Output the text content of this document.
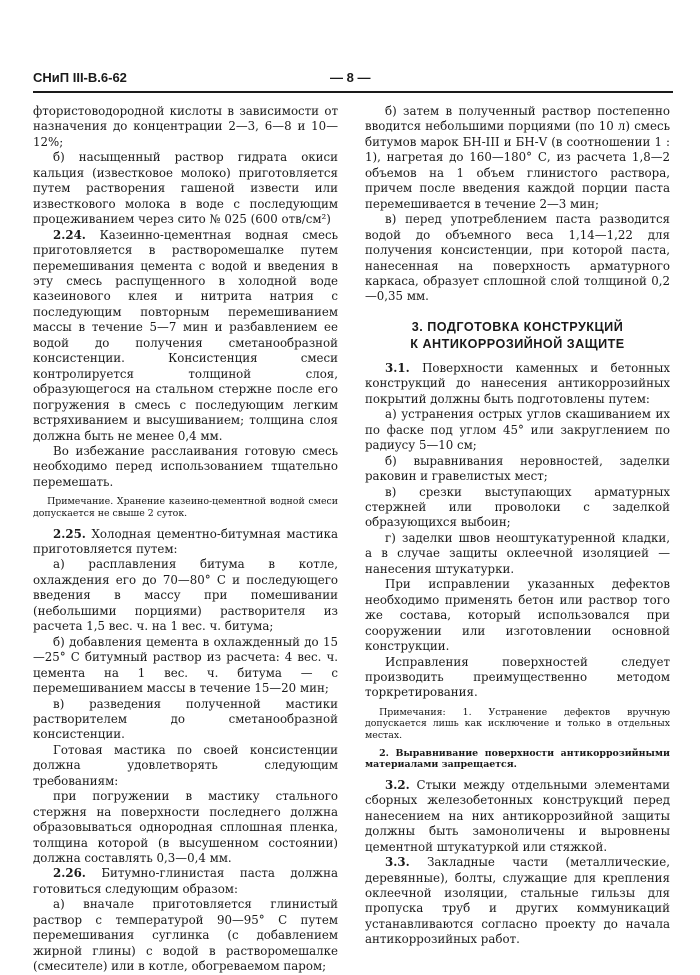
СНиП III-В.6-62	— 8 —

фтористоводородной кислоты в зависимости от назначения до концентрации 2—3, 6—8 и 10—12%;

б) насыщенный раствор гидрата окиси кальция (известковое молоко) приготовляется путем растворения гашеной извести или известкового молока в воде с последующим процеживанием через сито № 025 (600 отв/см²)

2.24. Казеинно-цементная водная смесь приготовляется в растворомешалке путем перемешивания цемента с водой и введения в эту смесь распущенного в холодной воде казеинового клея и нитрита натрия с последующим повторным перемешиванием массы в течение 5—7 мин и разбавлением ее водой до получения сметанообразной консистенции. Консистенция смеси контролируется толщиной слоя, образующегося на стальном стержне после его погружения в смесь с последующим легким встряхиванием и высушиванием; толщина слоя должна быть не менее 0,4 мм.

Во избежание расслаивания готовую смесь необходимо перед использованием тщательно перемешать.

Примечание. Хранение казеино-цементной водной смеси допускается не свыше 2 суток.

2.25. Холодная цементно-битумная мастика приготовляется путем:

а) расплавления битума в котле, охлаждения его до 70—80° С и последующего введения в массу при помешивании (небольшими порциями) растворителя из расчета 1,5 вес. ч. на 1 вес. ч. битума;

б) добавления цемента в охлажденный до 15—25° С битумный раствор из расчета: 4 вес. ч. цемента на 1 вес. ч. битума — с перемешиванием массы в течение 15—20 мин;

в) разведения полученной мастики растворителем до сметанообразной консистенции.

Готовая мастика по своей консистенции должна удовлетворять следующим требованиям:

при погружении в мастику стального стержня на поверхности последнего должна образовываться однородная сплошная пленка, толщина которой (в высушенном состоянии) должна составлять 0,3—0,4 мм.

2.26. Битумно-глинистая паста должна готовиться следующим образом:

а) вначале приготовляется глинистый раствор с температурой 90—95° С путем перемешивания суглинка (с добавлением жирной глины) с водой в растворомешалке (смесителе) или в котле, обогреваемом паром;

б) затем в полученный раствор постепенно вводится небольшими порциями (по 10 л) смесь битумов марок БН-III и БН-V (в соотношении 1 : 1), нагретая до 160—180° С, из расчета 1,8—2 объемов на 1 объем глинистого раствора, причем после введения каждой порции паста перемешивается в течение 2—3 мин;

в) перед употреблением паста разводится водой до объемного веса 1,14—1,22 для получения консистенции, при которой паста, нанесенная на поверхность арматурного каркаса, образует сплошной слой толщиной 0,2—0,35 мм.

3. ПОДГОТОВКА КОНСТРУКЦИЙ
К АНТИКОРРОЗИЙНОЙ ЗАЩИТЕ

3.1. Поверхности каменных и бетонных конструкций до нанесения антикоррозийных покрытий должны быть подготовлены путем:

а) устранения острых углов скашиванием их по фаске под углом 45° или закруглением по радиусу 5—10 см;

б) выравнивания неровностей, заделки раковин и гравелистых мест;

в) срезки выступающих арматурных стержней или проволоки с заделкой образующихся выбоин;

г) заделки швов неоштукатуренной кладки, а в случае защиты оклеечной изоляцией — нанесения штукатурки.

При исправлении указанных дефектов необходимо применять бетон или раствор того же состава, который использовался при сооружении или изготовлении основной конструкции.

Исправления поверхностей следует производить преимущественно методом торкретирования.

Примечания: 1. Устранение дефектов вручную допускается лишь как исключение и только в отдельных местах.

2. Выравнивание поверхности антикоррозийными материалами запрещается.

3.2. Стыки между отдельными элементами сборных железобетонных конструкций перед нанесением на них антикоррозийной защиты должны быть замоноличены и выровнены цементной штукатуркой или стяжкой.

3.3. Закладные части (металлические, деревянные), болты, служащие для крепления оклеечной изоляции, стальные гильзы для пропуска труб и других коммуникаций устанавливаются согласно проекту до начала антикоррозийных работ.
